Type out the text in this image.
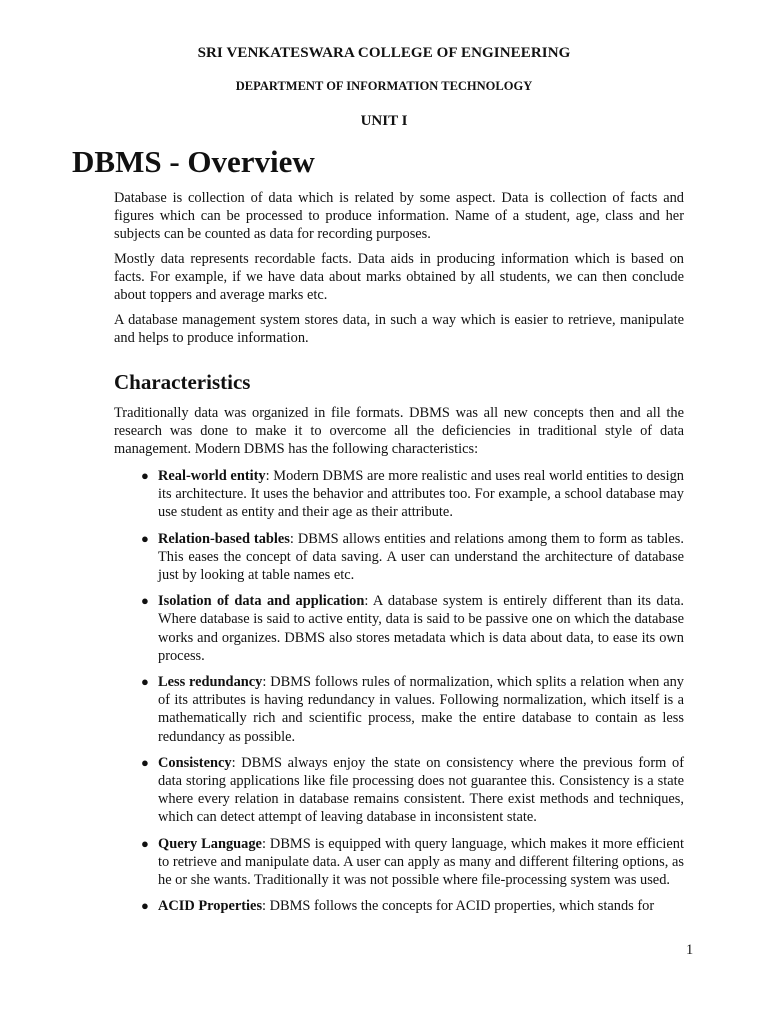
SRI VENKATESWARA COLLEGE OF ENGINEERING
DEPARTMENT OF INFORMATION TECHNOLOGY
UNIT I
DBMS - Overview

Database is collection of data which is related by some aspect. Data is collection of facts and figures which can be processed to produce information. Name of a student, age, class and her subjects can be counted as data for recording purposes.

Mostly data represents recordable facts. Data aids in producing information which is based on facts. For example, if we have data about marks obtained by all students, we can then conclude about toppers and average marks etc.

A database management system stores data, in such a way which is easier to retrieve, manipulate and helps to produce information.

Characteristics

Traditionally data was organized in file formats. DBMS was all new concepts then and all the research was done to make it to overcome all the deficiencies in traditional style of data management. Modern DBMS has the following characteristics:

● Real-world entity: Modern DBMS are more realistic and uses real world entities to design its architecture. It uses the behavior and attributes too. For example, a school database may use student as entity and their age as their attribute.
● Relation-based tables: DBMS allows entities and relations among them to form as tables. This eases the concept of data saving. A user can understand the architecture of database just by looking at table names etc.
● Isolation of data and application: A database system is entirely different than its data. Where database is said to active entity, data is said to be passive one on which the database works and organizes. DBMS also stores metadata which is data about data, to ease its own process.
● Less redundancy: DBMS follows rules of normalization, which splits a relation when any of its attributes is having redundancy in values. Following normalization, which itself is a mathematically rich and scientific process, make the entire database to contain as less redundancy as possible.
● Consistency: DBMS always enjoy the state on consistency where the previous form of data storing applications like file processing does not guarantee this. Consistency is a state where every relation in database remains consistent. There exist methods and techniques, which can detect attempt of leaving database in inconsistent state.
● Query Language: DBMS is equipped with query language, which makes it more efficient to retrieve and manipulate data. A user can apply as many and different filtering options, as he or she wants. Traditionally it was not possible where file-processing system was used.
● ACID Properties: DBMS follows the concepts for ACID properties, which stands for
1
